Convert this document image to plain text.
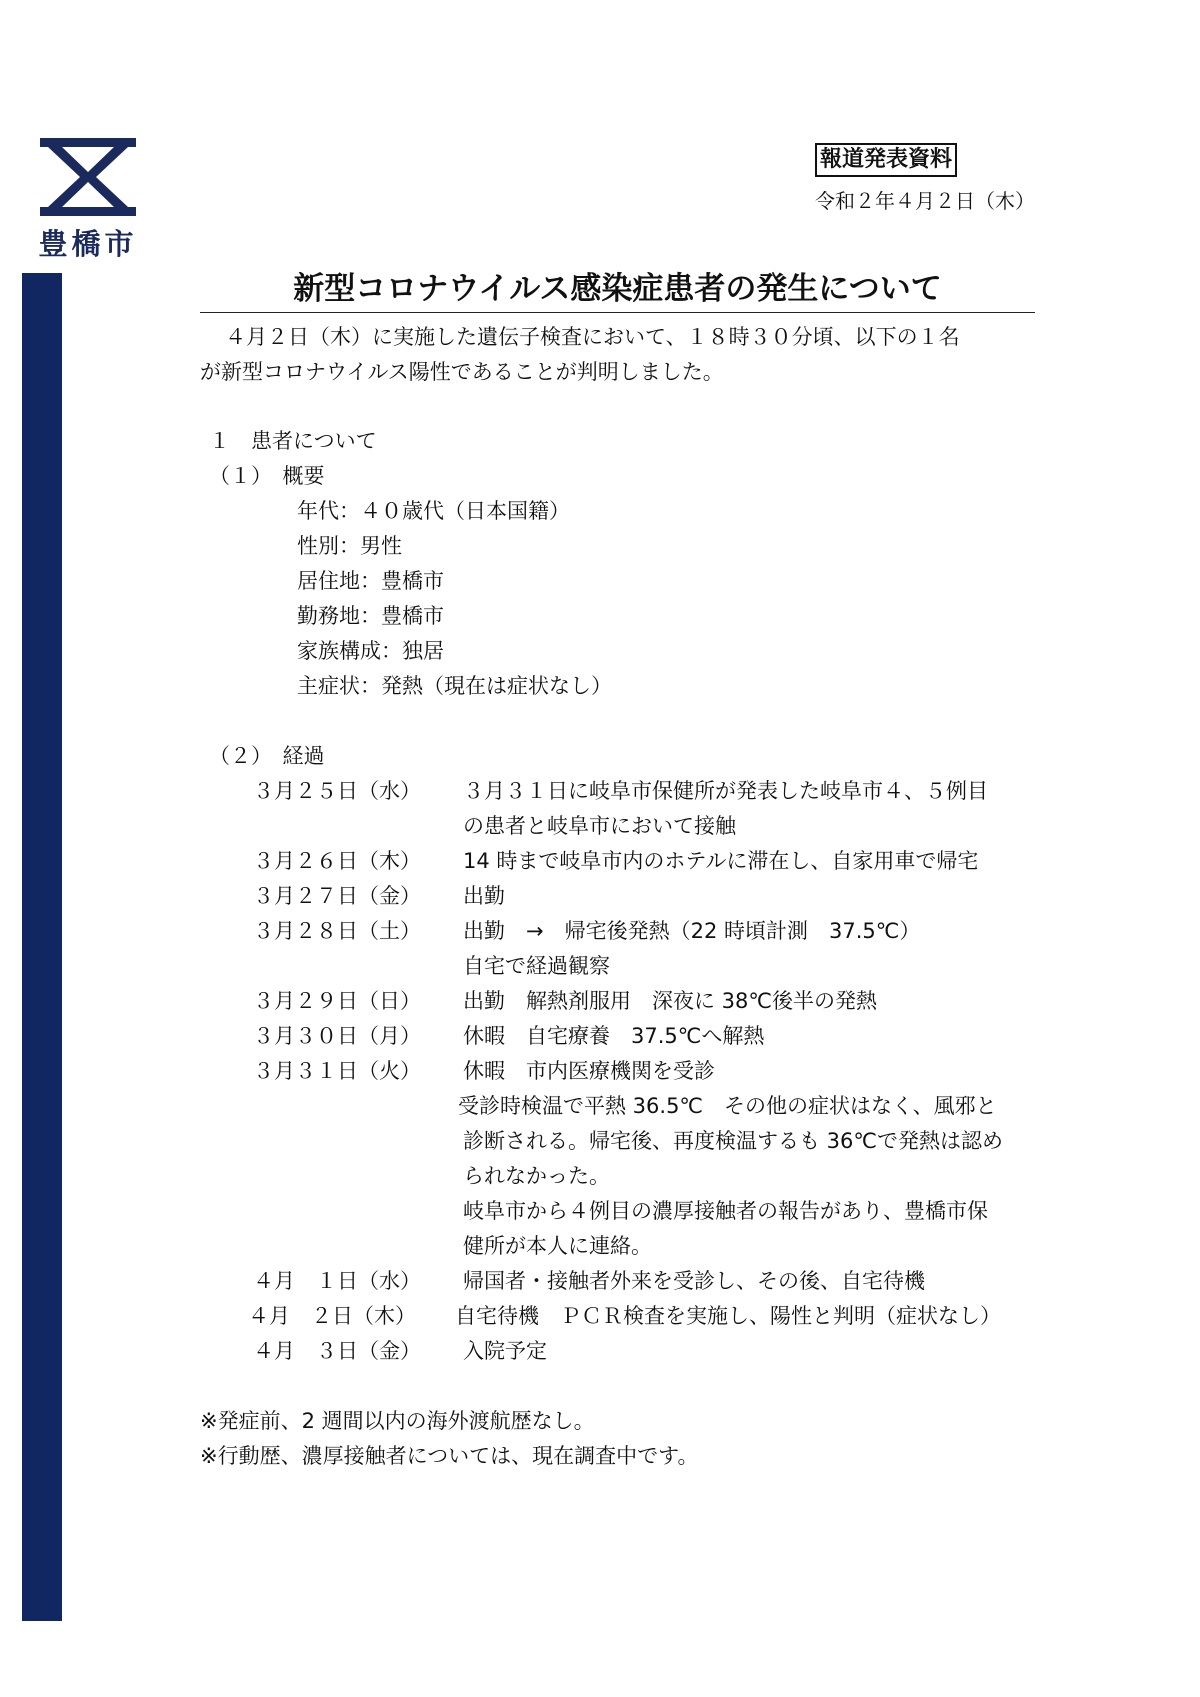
豊橋市
報道発表資料
令和２年４月２日（木）
新型コロナウイルス感染症患者の発生について
４月２日（木）に実施した遺伝子検査において、１８時３０分頃、以下の１名
が新型コロナウイルス陽性であることが判明しました。
１　患者について
（１）　概要
年代：４０歳代（日本国籍）
性別：男性
居住地：豊橋市
勤務地：豊橋市
家族構成：独居
主症状：発熱（現在は症状なし）
（２）　経過
３月２５日（水） ３月３１日に岐阜市保健所が発表した岐阜市４、５例目
の患者と岐阜市において接触
３月２６日（木） 14 時まで岐阜市内のホテルに滞在し、自家用車で帰宅
３月２７日（金） 出勤
３月２８日（土） 出勤　→　帰宅後発熱（22 時頃計測　37.5℃）
自宅で経過観察
３月２９日（日） 出勤　解熱剤服用　深夜に 38℃後半の発熱
３月３０日（月） 休暇　自宅療養　37.5℃へ解熱
３月３１日（火） 休暇　市内医療機関を受診
受診時検温で平熱 36.5℃　その他の症状はなく、風邪と
診断される。帰宅後、再度検温するも 36℃で発熱は認め
られなかった。
岐阜市から４例目の濃厚接触者の報告があり、豊橋市保
健所が本人に連絡。
４月　１日（水） 帰国者・接触者外来を受診し、その後、自宅待機
４月　２日（木） 自宅待機　ＰＣＲ検査を実施し、陽性と判明（症状なし）
４月　３日（金） 入院予定
※発症前、2 週間以内の海外渡航歴なし。
※行動歴、濃厚接触者については、現在調査中です。
